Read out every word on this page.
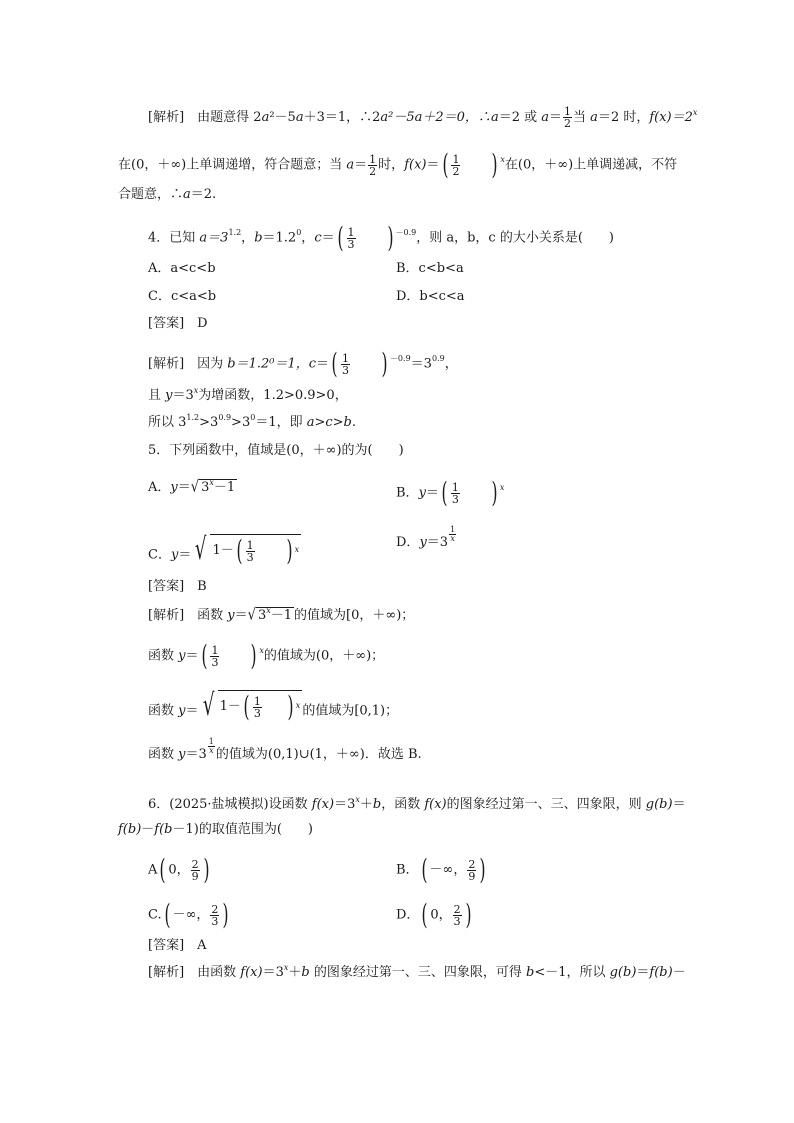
[解析]　由题意得 2a²－5a＋3＝1，∴2a²－5a＋2＝0，∴a＝2 或 $a= \frac{1}{2}$ 当 a＝2 时，$f(x)=2^x$
在(0，＋∞)上单调递增，符合题意；当 $a= \frac{1}{2}$ 时，$f(x)=( \frac{1}{2}$ ) $^x$在(0，＋∞)上单调递减，不符
合题意，∴a＝2.
4．已知 $a=3^{1.2}$，$b=1.2^0$，$c=( \frac{1}{3}$ ) $^{-0.9}$，则 a，b，c 的大小关系是(　　)
A．a<c<b	B．c<b<a
C．c<a<b	D．b<c<a
[答案]　D
[解析]　因为 b＝1.2⁰＝1，$c=( \frac{1}{3}$ ) $^{-0.9}=3^{0.9}$，
且 $y=3^x$为增函数，1.2>0.9>0，
所以 $3^{1.2}>3^{0.9}>3^0=1$，即 a>c>b.
5．下列函数中，值域是(0，＋∞)的为(　　)
A．y＝√ $3^x-1$	B．$y=( \frac{1}{3}$ ) $^x$
C．y＝ √ 1－ ( $\frac{1}{3}$ ) $^x$	D．y＝3 $^{\frac{1}{x}}$
[答案]　B
[解析]　函数 y＝√ $3^x-1$ 的值域为[0，＋∞)；
函数 $y=( \frac{1}{3}$ ) $^x$的值域为(0，＋∞)；
函数 y＝ √ 1－ ( $\frac{1}{3}$ ) $^x$ 的值域为[0,1)；
函数 y＝3 $^{\frac{1}{x}}$ 的值域为(0,1)∪(1，＋∞)．故选 B.
6．(2025·盐城模拟)设函数 $f(x)=3^x+b$，函数 f(x)的图象经过第一、三、四象限，则 g(b)＝
f(b)－f(b－1)的取值范围为(　　)
A( 0， $\frac{2}{9}$ )	B．( －∞， $\frac{2}{9}$ )
C.( －∞， $\frac{2}{3}$ )	D．( 0， $\frac{2}{3}$ )
[答案]　A
[解析]　由函数 $f(x)=3^x+b$ 的图象经过第一、三、四象限，可得 b<－1，所以 g(b)＝f(b)－
